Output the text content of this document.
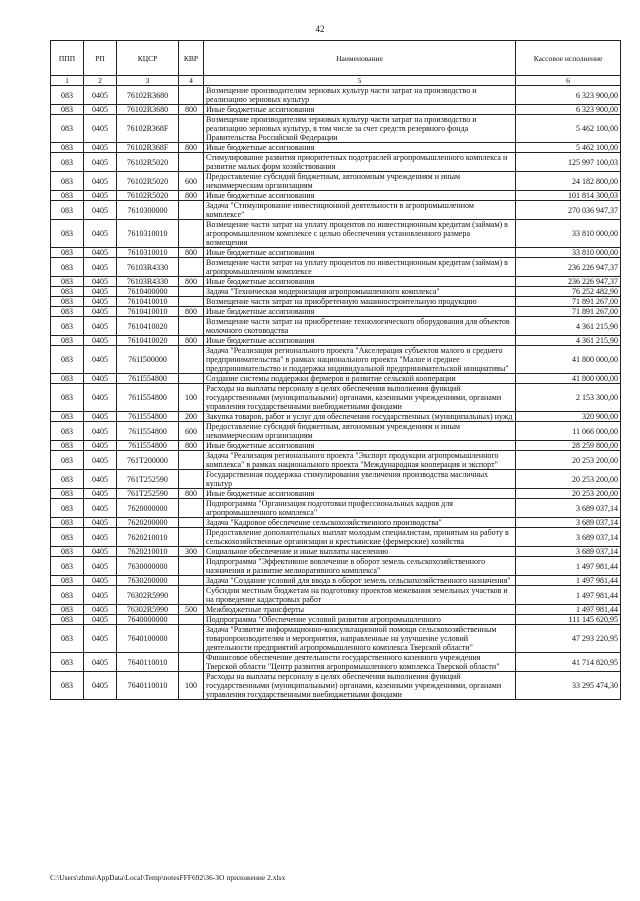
42
ППП	РП	КЦСР	КВР	Наименование	Кассовое исполнение
1	2	3	4	5	6
083	0405	76102R3680		Возмещение производителям зерновых культур части затрат на производство и реализацию зерновых культур	6 323 900,00
083	0405	76102R3680	800	Иные бюджетные ассигнования	6 323 900,00
083	0405	76102R368F		Возмещение производителям зерновых культур части затрат на производство и реализацию зерновых культур, в том числе за счет средств резервного фонда Правительства Российской Федерации	5 462 100,00
083	0405	76102R368F	800	Иные бюджетные ассигнования	5 462 100,00
083	0405	76102R5020		Стимулирование развития приоритетных подотраслей агропромышленного комплекса и развитие малых форм хозяйствования	125 997 100,03
083	0405	76102R5020	600	Предоставление субсидий бюджетным, автономным учреждениям и иным некоммерческим организациям	24 182 800,00
083	0405	76102R5020	800	Иные бюджетные ассигнования	101 814 300,03
083	0405	7610300000		Задача "Стимулирование инвестиционной деятельности в агропромышленном комплексе"	270 036 947,37
083	0405	7610310010		Возмещение части затрат на уплату процентов по инвестиционным кредитам (займам) в агропромышленном комплексе с целью обеспечения установленного размера возмещения	33 810 000,00
083	0405	7610310010	800	Иные бюджетные ассигнования	33 810 000,00
083	0405	76103R4330		Возмещение части затрат на уплату процентов по инвестиционным кредитам (займам) в агропромышленном комплексе	236 226 947,37
083	0405	76103R4330	800	Иные бюджетные ассигнования	236 226 947,37
083	0405	7610400000		Задача "Техническая модернизация агропромышленного комплекса"	76 252 482,90
083	0405	7610410010		Возмещение части затрат на приобретенную машиностроительную продукцию	71 891 267,00
083	0405	7610410010	800	Иные бюджетные ассигнования	71 891 267,00
083	0405	7610410020		Возмещение части затрат на приобретение технологического оборудования для объектов молочного скотоводства	4 361 215,90
083	0405	7610410020	800	Иные бюджетные ассигнования	4 361 215,90
083	0405	761I500000		Задача "Реализация регионального проекта "Акселерация субъектов малого и среднего предпринимательства" в рамках национального проекта "Малое и среднее предпринимательство и поддержка индивидуальной предпринимательской инициативы"	41 800 000,00
083	0405	761I554800		Создание системы поддержки фермеров и развитие сельской кооперации	41 800 000,00
083	0405	761I554800	100	Расходы на выплаты персоналу в целях обеспечения выполнения функций государственными (муниципальными) органами, казенными учреждениями, органами управления государственными внебюджетными фондами	2 153 300,00
083	0405	761I554800	200	Закупка товаров, работ и услуг для обеспечения государственных (муниципальных) нужд	320 900,00
083	0405	761I554800	600	Предоставление субсидий бюджетным, автономным учреждениям и иным некоммерческим организациям	11 066 000,00
083	0405	761I554800	800	Иные бюджетные ассигнования	28 259 800,00
083	0405	761T200000		Задача "Реализация регионального проекта "Экспорт продукции агропромышленного комплекса" в рамках национального проекта "Международная кооперация и экспорт"	20 253 200,00
083	0405	761T252590		Государственная поддержка стимулирования увеличения производства масличных культур	20 253 200,00
083	0405	761T252590	800	Иные бюджетные ассигнования	20 253 200,00
083	0405	7620000000		Подпрограмма "Организация подготовки профессиональных кадров для агропромышленного комплекса"	3 689 037,14
083	0405	7620200000		Задача "Кадровое обеспечение сельскохозяйственного производства"	3 689 037,14
083	0405	7620210010		Предоставление дополнительных выплат молодым специалистам, принятым на работу в сельскохозяйственные организации и крестьянские (фермерские) хозяйства	3 689 037,14
083	0405	7620210010	300	Социальное обеспечение и иные выплаты населению	3 689 037,14
083	0405	7630000000		Подпрограмма "Эффективное вовлечение в оборот земель сельскохозяйственного назначения и развитие мелиоративного комплекса"	1 497 981,44
083	0405	7630200000		Задача "Создание условий для ввода в оборот земель сельскохозяйственного назначения"	1 497 981,44
083	0405	76302R5990		Субсидии местным бюджетам на подготовку проектов межевания земельных участков и на проведение кадастровых работ	1 497 981,44
083	0405	76302R5990	500	Межбюджетные трансферты	1 497 981,44
083	0405	7640000000		Подпрограмма "Обеспечение условий развития агропромышленного	111 145 620,95
083	0405	7640100000		Задача "Развитие информационно-консультационной помощи сельскохозяйственным товаропроизводителям и мероприятия, направленные на улучшение условий деятельности предприятий агропромышленного комплекса Тверской области"	47 293 220,95
083	0405	7640110010		Финансовое обеспечение деятельности государственного казенного учреждения Тверской области "Центр развития агропромышленного комплекса Тверской области"	41 714 820,95
083	0405	7640110010	100	Расходы на выплаты персоналу в целях обеспечения выполнения функций государственными (муниципальными) органами, казенными учреждениями, органами управления государственными внебюджетными фондами	33 295 474,30
C:\Users\zhms\AppData\Local\Temp\notesFFF692\36-ЗО приложение 2.xlsx
